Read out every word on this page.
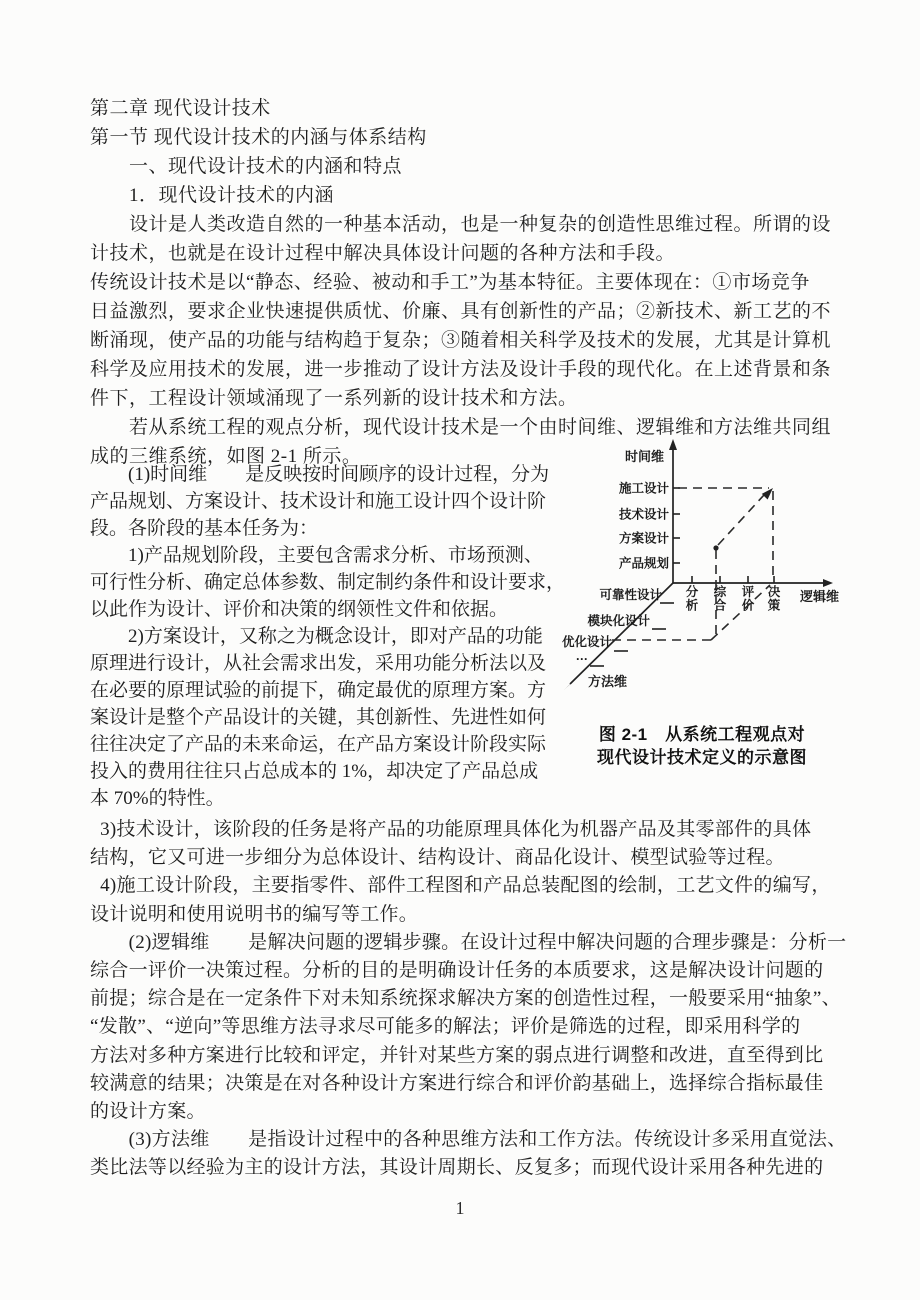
第二章 现代设计技术
第一节 现代设计技术的内涵与体系结构
　　一、现代设计技术的内涵和特点
　　1．现代设计技术的内涵
　　设计是人类改造自然的一种基本活动，也是一种复杂的创造性思维过程。所谓的设
计技术，也就是在设计过程中解决具体设计问题的各种方法和手段。
传统设计技术是以“静态、经验、被动和手工”为基本特征。主要体现在：①市场竞争
日益激烈，要求企业快速提供质忧、价廉、具有创新性的产品；②新技术、新工艺的不
断涌现，使产品的功能与结构趋于复杂；③随着相关科学及技术的发展，尤其是计算机
科学及应用技术的发展，进一步推动了设计方法及设计手段的现代化。在上述背景和条
件下，工程设计领域涌现了一系列新的设计技术和方法。
　　若从系统工程的观点分析，现代设计技术是一个由时间维、逻辑维和方法维共同组
成的三维系统，如图 2-1 所示。
　　(1)时间维　　是反映按时间顾序的设计过程，分为
产品规划、方案设计、技术设计和施工设计四个设计阶
段。各阶段的基本任务为：
　　1)产品规划阶段，主要包含需求分析、市场预测、
可行性分析、确定总体参数、制定制约条件和设计要求，
以此作为设计、评价和决策的纲领性文件和依据。
　　2)方案设计，又称之为概念设计，即对产品的功能
原理进行设计，从社会需求出发，采用功能分析法以及
在必要的原理试验的前提下，确定最优的原理方案。方
案设计是整个产品设计的关键，其创新性、先进性如何
往往决定了产品的未来命运，在产品方案设计阶段实际
投入的费用往往只占总成本的 1%，却决定了产品总成
本 70%的特性。
时间维
施工设计
技术设计
方案设计
产品规划
逻辑维
分析
综合
评价
决策
可靠性设计
模块化设计
优化设计
…
方法维
图 2-1　从系统工程观点对
现代设计技术定义的示意图
3)技术设计，该阶段的任务是将产品的功能原理具体化为机器产品及其零部件的具体
结构，它又可进一步细分为总体设计、结构设计、商品化设计、模型试验等过程。
4)施工设计阶段，主要指零件、部件工程图和产品总装配图的绘制，工艺文件的编写，
设计说明和使用说明书的编写等工作。
　　(2)逻辑维　　是解决问题的逻辑步骤。在设计过程中解决问题的合理步骤是：分析一
综合一评价一决策过程。分析的目的是明确设计任务的本质要求，这是解决设计问题的
前提；综合是在一定条件下对未知系统探求解决方案的创造性过程，一般要采用“抽象”、
“发散”、“逆向”等思维方法寻求尽可能多的解法；评价是筛选的过程，即采用科学的
方法对多种方案进行比较和评定，并针对某些方案的弱点进行调整和改进，直至得到比
较满意的结果；决策是在对各种设计方案进行综合和评价韵基础上，选择综合指标最佳
的设计方案。
　　(3)方法维　　是指设计过程中的各种思维方法和工作方法。传统设计多采用直觉法、
类比法等以经验为主的设计方法，其设计周期长、反复多；而现代设计采用各种先进的
1
